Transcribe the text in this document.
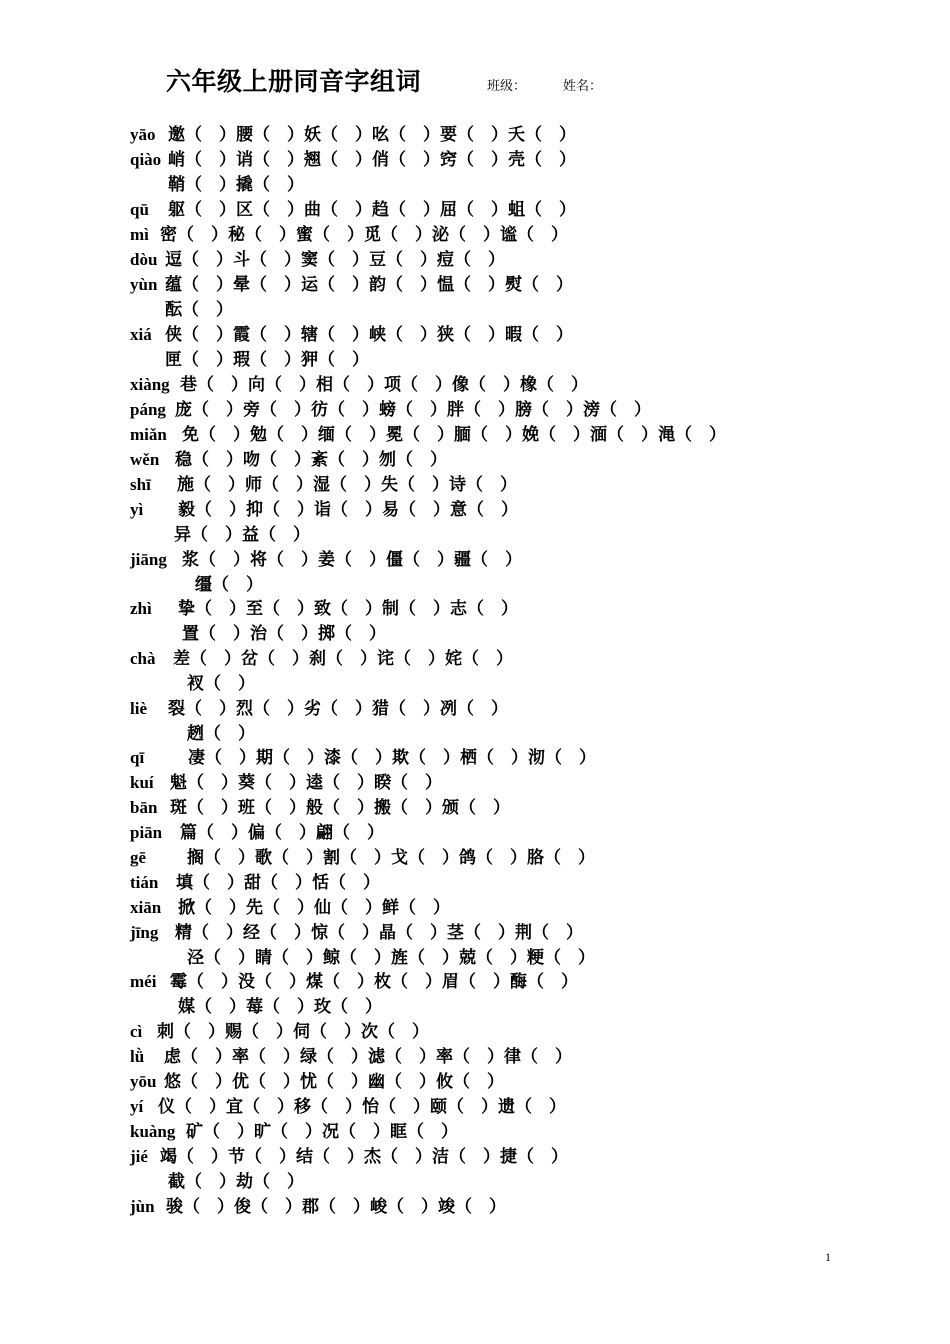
六年级上册同音字组词	班级：	姓名：
yāo 邀（　）腰（　）妖（　）吆（　）要（　）夭（　）
qiào 峭（　）诮（　）翘（　）俏（　）窍（　）壳（　）
鞘（　）撬（　）
qū 躯（　）区（　）曲（　）趋（　）屈（　）蛆（　）
mì 密（　）秘（　）蜜（　）觅（　）泌（　）谧（　）
dòu 逗（　）斗（　）窦（　）豆（　）痘（　）
yùn 蕴（　）晕（　）运（　）韵（　）愠（　）熨（　）
酝（　）
xiá 侠（　）霞（　）辖（　）峡（　）狭（　）暇（　）
匣（　）瑕（　）狎（　）
xiàng 巷（　）向（　）相（　）项（　）像（　）橡（　）
páng 庞（　）旁（　）彷（　）螃（　）胖（　）膀（　）滂（　）
miǎn 免（　）勉（　）缅（　）冕（　）腼（　）娩（　）湎（　）渑（　）
wěn 稳（　）吻（　）紊（　）刎（　）
shī 施（　）师（　）湿（　）失（　）诗（　）
yì 毅（　）抑（　）诣（　）易（　）意（　）
异（　）益（　）
jiāng 浆（　）将（　）姜（　）僵（　）疆（　）
缰（　）
zhì 挚（　）至（　）致（　）制（　）志（　）
置（　）治（　）掷（　）
chà 差（　）岔（　）刹（　）诧（　）姹（　）
衩（　）
liè 裂（　）烈（　）劣（　）猎（　）冽（　）
趔（　）
qī	凄（　）期（　）漆（　）欺（　）栖（　）沏（　）
kuí 魁（　）葵（　）逵（　）睽（　）
bān 斑（　）班（　）般（　）搬（　）颁（　）
piān 篇（　）偏（　）翩（　）
gē 搁（　）歌（　）割（　）戈（　）鸽（　）胳（　）
tián 填（　）甜（　）恬（　）
xiān 掀（　）先（　）仙（　）鲜（　）
jīng 精（　）经（　）惊（　）晶（　）茎（　）荆（　）
泾（　）睛（　）鲸（　）旌（　）兢（　）粳（　）
méi 霉（　）没（　）煤（　）枚（　）眉（　）酶（　）
媒（　）莓（　）玫（　）
cì 刺（　）赐（　）伺（　）次（　）
lǜ 虑（　）率（　）绿（　）滤（　）率（　）律（　）
yōu 悠（　）优（　）忧（　）幽（　）攸（　）
yí 仪（　）宜（　）移（　）怡（　）颐（　）遗（　）
kuàng 矿（　）旷（　）况（　）眶（　）
jié 竭（　）节（　）结（　）杰（　）洁（　）捷（　）
截（　）劫（　）
jùn 骏（　）俊（　）郡（　）峻（　）竣（　）
1
